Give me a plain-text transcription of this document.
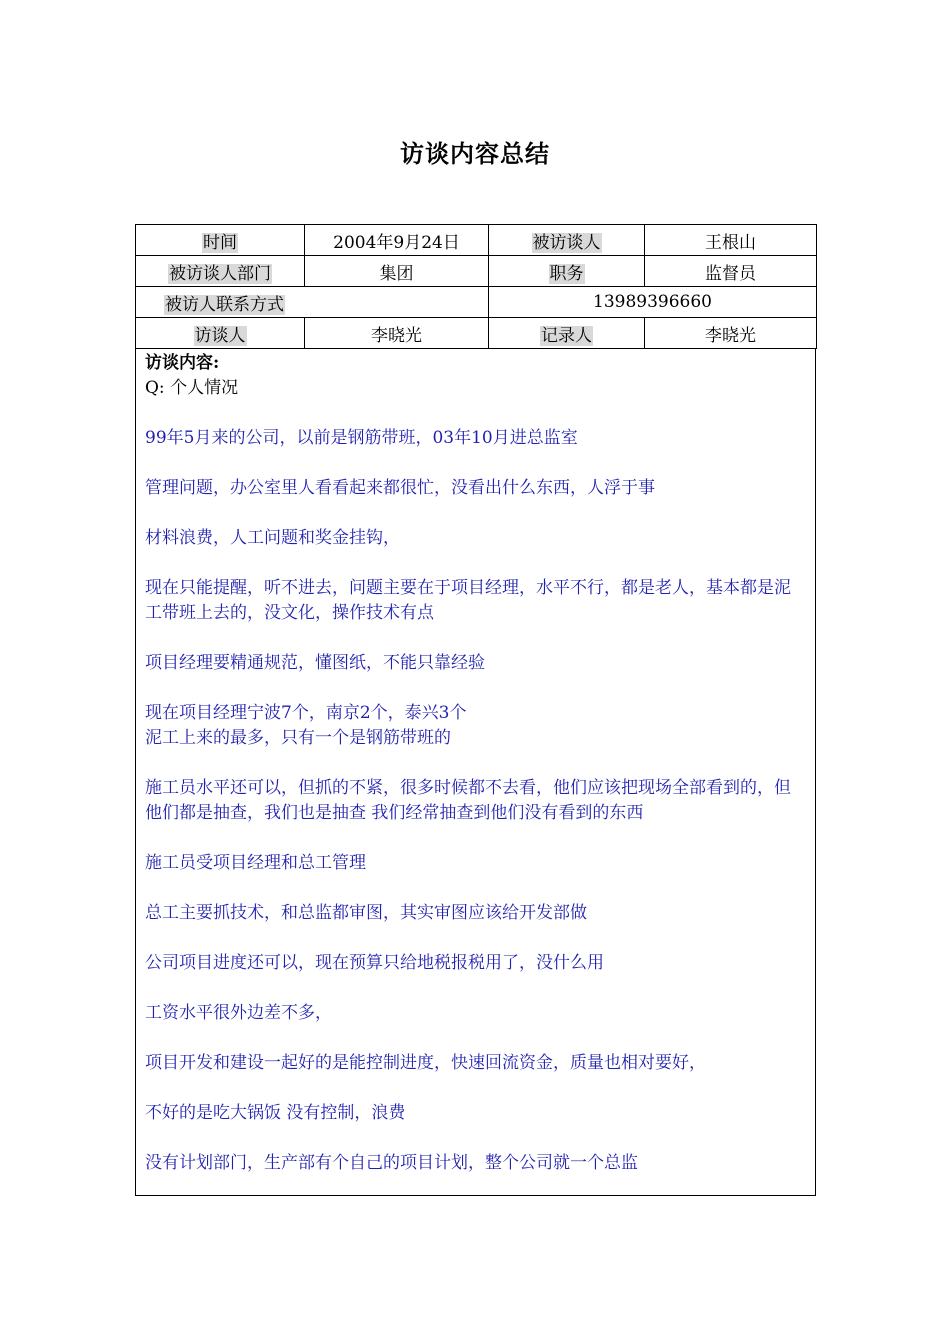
访谈内容总结
时间	2004年9月24日	被访谈人	王根山
被访谈人部门	集团	职务	监督员
被访人联系方式		13989396660	
访谈人	李晓光	记录人	李晓光
访谈内容:
Q: 个人情况
99年5月来的公司，以前是钢筋带班，03年10月进总监室
管理问题，办公室里人看看起来都很忙，没看出什么东西，人浮于事
材料浪费，人工问题和奖金挂钩，
现在只能提醒，听不进去，问题主要在于项目经理，水平不行，都是老人，基本都是泥工带班上去的，没文化，操作技术有点
项目经理要精通规范，懂图纸，不能只靠经验
现在项目经理宁波7个，南京2个，泰兴3个
泥工上来的最多，只有一个是钢筋带班的
施工员水平还可以，但抓的不紧，很多时候都不去看，他们应该把现场全部看到的，但他们都是抽查，我们也是抽查 我们经常抽查到他们没有看到的东西
施工员受项目经理和总工管理
总工主要抓技术，和总监都审图，其实审图应该给开发部做
公司项目进度还可以，现在预算只给地税报税用了，没什么用
工资水平很外边差不多，
项目开发和建设一起好的是能控制进度，快速回流资金，质量也相对要好，
不好的是吃大锅饭 没有控制，浪费
没有计划部门，生产部有个自己的项目计划，整个公司就一个总监
